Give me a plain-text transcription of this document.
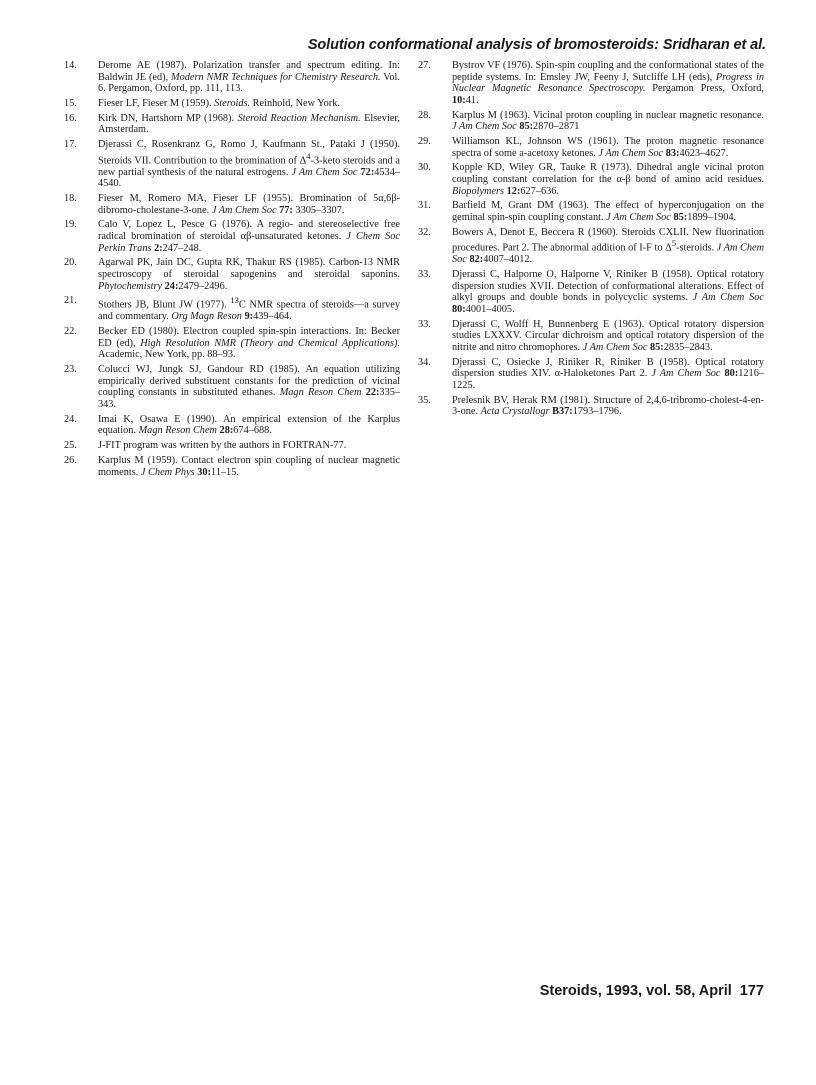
Solution conformational analysis of bromosteroids: Sridharan et al.
14.	Derome AE (1987). Polarization transfer and spectrum editing. In: Baldwin JE (ed), Modern NMR Techniques for Chemistry Research. Vol. 6. Pergamon, Oxford, pp. 111, 113.
15.	Fieser LF, Fieser M (1959). Steroids. Reinhold, New York.
16.	Kirk DN, Hartshorn MP (1968). Steroid Reaction Mechanism. Elsevier, Amsterdam.
17.	Djerassi C, Rosenkranz G, Romo J, Kaufmann St., Pataki J (1950). Steroids VII. Contribution to the bromination of $\Delta^4-3$-keto steroids and a new partial synthesis of the natural estrogens. J Am Chem Soc 72:4534–4540.
18.	Fieser M, Romero MA, Fieser LF (1955). Bromination of 5α,6β-dibromo-cholestane-3-one. J Am Chem Soc 77: 3305–3307.
19.	Calo V, Lopez L, Pesce G (1976). A regio- and stereoselective free radical bromination of steroidal αβ-unsaturated ketones. J Chem Soc Perkin Trans 2:247–248.
20.	Agarwal PK, Jain DC, Gupta RK, Thakur RS (1985). Carbon-13 NMR spectroscopy of steroidal sapogenins and steroidal saponins. Phytochemistry 24:2479–2496.
21.	Stothers JB, Blunt JW (1977). $^{13}$C NMR spectra of steroids—a survey and commentary. Org Magn Reson 9:439–464.
22.	Becker ED (1980). Electron coupled spin-spin interactions. In: Becker ED (ed), High Resolution NMR (Theory and Chemical Applications). Academic, New York, pp. 88–93.
23.	Colucci WJ, Jungk SJ, Gandour RD (1985). An equation utilizing empirically derived substituent constants for the prediction of vicinal coupling constants in substituted ethanes. Magn Reson Chem 22:335–343.
24.	Imai K, Osawa E (1990). An empirical extension of the Karplus equation. Magn Reson Chem 28:674–688.
25.	J-FIT program was written by the authors in FORTRAN-77.
26.	Karplus M (1959). Contact electron spin coupling of nuclear magnetic moments. J Chem Phys 30:11–15.
27.	Bystrov VF (1976). Spin-spin coupling and the conformational states of the peptide systems. In: Emsley JW, Feeny J, Sutcliffe LH (eds), Progress in Nuclear Magnetic Resonance Spectroscopy. Pergamon Press, Oxford, 10:41.
28.	Karplus M (1963). Vicinal proton coupling in nuclear magnetic resonance. J Am Chem Soc 85:2870–2871
29.	Williamson KL, Johnson WS (1961). The proton magnetic resonance spectra of some a-acetoxy ketones. J Am Chem Soc 83:4623–4627.
30.	Kopple KD, Wiley GR, Tauke R (1973). Dihedral angle vicinal proton coupling constant correlation for the α-β bond of amino acid residues. Biopolymers 12:627–636.
31.	Barfield M, Grant DM (1963). The effect of hyperconjugation on the geminal spin-spin coupling constant. J Am Chem Soc 85:1899–1904.
32.	Bowers A, Denot E, Beccera R (1960). Steroids CXLII. New fluorination procedures. Part 2. The abnormal addition of I-F to $\Delta^5$-steroids. J Am Chem Soc 82:4007–4012.
33.	Djerassi C, Halporne O, Halporne V, Riniker B (1958). Optical rotatory dispersion studies XVII. Detection of conformational alterations. Effect of alkyl groups and double bonds in polycyclic systems. J Am Chem Soc 80:4001–4005.
33.	Djerassi C, Wolff H, Bunnenberg E (1963). Optical rotatory dispersion studies LXXXV. Circular dichroism and optical rotatory dispersion of the nitrite and nitro chromophores. J Am Chem Soc 85:2835–2843.
34.	Djerassi C, Osiecke J, Riniker R, Riniker B (1958). Optical rotatory dispersion studies XIV. α-Haloketones Part 2. J Am Chem Soc 80:1216–1225.
35.	Prelesnik BV, Herak RM (1981). Structure of 2,4,6-tribromo-cholest-4-en-3-one. Acta Crystallogr B37:1793–1796.
Steroids, 1993, vol. 58, April 177
